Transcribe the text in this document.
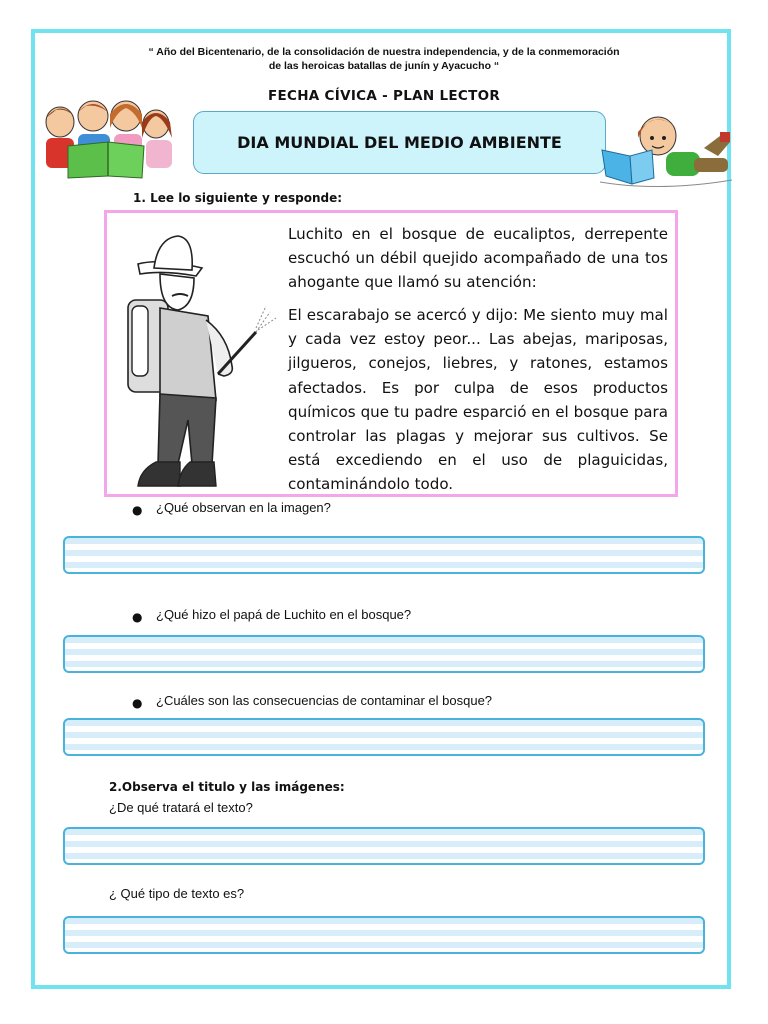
“ Año del Bicentenario, de la consolidación de nuestra independencia, y de la conmemoración
de las heroicas batallas de junín y Ayacucho “
FECHA CÍVICA - PLAN LECTOR
DIA MUNDIAL DEL MEDIO AMBIENTE
1. Lee lo siguiente y responde:

Luchito en el bosque de eucaliptos, derrepente escuchó un débil quejido acompañado de una tos ahogante que llamó su atención:

El escarabajo se acercó y dijo: Me siento muy mal y cada vez estoy peor... Las abejas, mariposas, jilgueros, conejos, liebres, y ratones, estamos afectados. Es por culpa de esos productos químicos que tu padre esparció en el bosque para controlar las plagas y mejorar sus cultivos. Se está excediendo en el uso de plaguicidas, contaminándolo todo.

● ¿Qué observan en la imagen?
● ¿Qué hizo el papá de Luchito en el bosque?
● ¿Cuáles son las consecuencias de contaminar el bosque?
2.Observa el titulo y las imágenes:
¿De qué tratará el texto?
¿ Qué tipo de texto es?
